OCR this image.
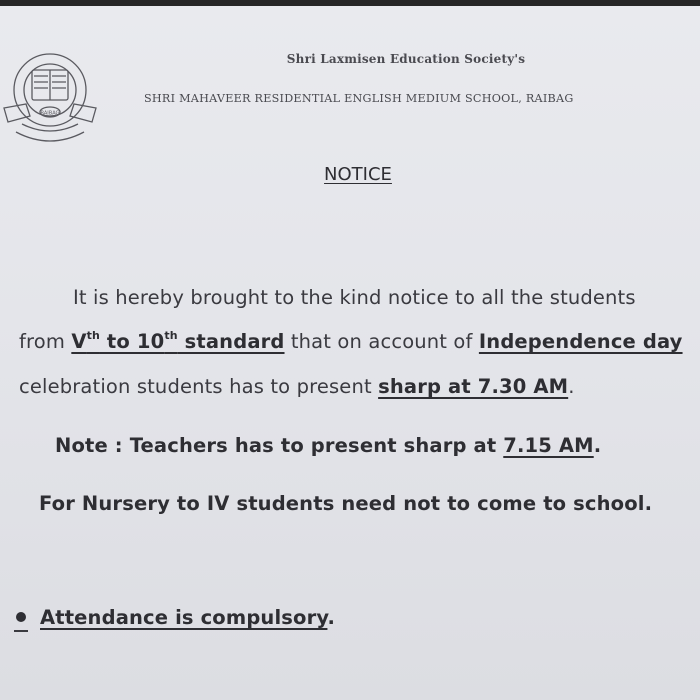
RAIBAG
Shri Laxmisen Education Society's
SHRI MAHAVEER RESIDENTIAL ENGLISH MEDIUM SCHOOL, RAIBAG
NOTICE
It is hereby brought to the kind notice to all the students
from Vth to 10th standard that on account of Independence day
celebration students has to present sharp at 7.30 AM.
Note : Teachers has to present sharp at 7.15 AM.
For Nursery to IV students need not to come to school.
Attendance is compulsory.
